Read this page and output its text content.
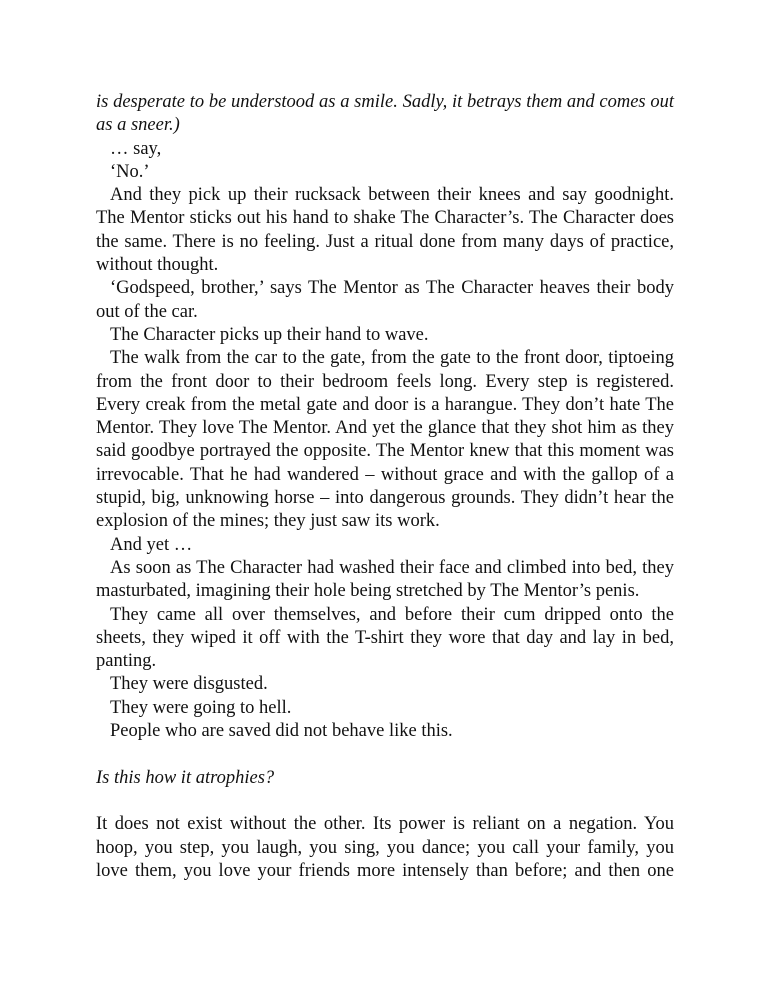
is desperate to be understood as a smile. Sadly, it betrays them and comes out as a sneer.)

… say,

‘No.’

And they pick up their rucksack between their knees and say goodnight. The Mentor sticks out his hand to shake The Character’s. The Character does the same. There is no feeling. Just a ritual done from many days of practice, without thought.

‘Godspeed, brother,’ says The Mentor as The Character heaves their body out of the car.

The Character picks up their hand to wave.

The walk from the car to the gate, from the gate to the front door, tiptoeing from the front door to their bedroom feels long. Every step is registered. Every creak from the metal gate and door is a harangue. They don’t hate The Mentor. They love The Mentor. And yet the glance that they shot him as they said goodbye portrayed the opposite. The Mentor knew that this moment was irrevocable. That he had wandered – without grace and with the gallop of a stupid, big, unknowing horse – into dangerous grounds. They didn’t hear the explosion of the mines; they just saw its work.

And yet …

As soon as The Character had washed their face and climbed into bed, they masturbated, imagining their hole being stretched by The Mentor’s penis.

They came all over themselves, and before their cum dripped onto the sheets, they wiped it off with the T-shirt they wore that day and lay in bed, panting.

They were disgusted.

They were going to hell.

People who are saved did not behave like this.

Is this how it atrophies?

It does not exist without the other. Its power is reliant on a negation. You hoop, you step, you laugh, you sing, you dance; you call your family, you love them, you love your friends more intensely than before; and then one
